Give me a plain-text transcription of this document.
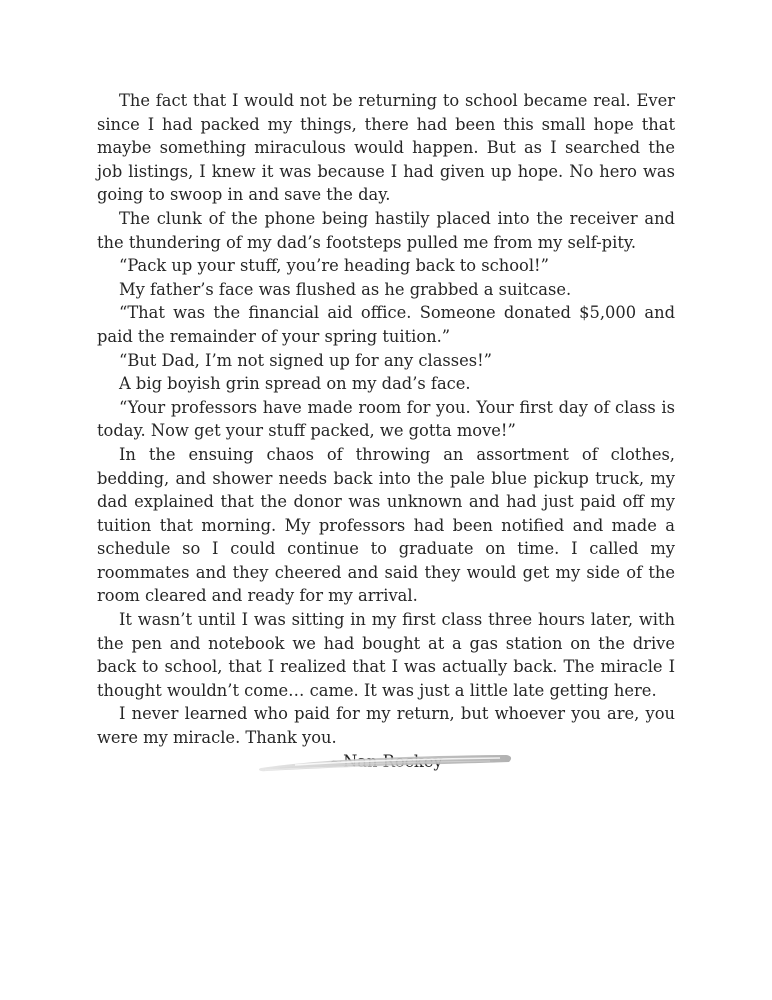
The fact that I would not be returning to school became real. Ever since I had packed my things, there had been this small hope that maybe something miraculous would happen. But as I searched the job listings, I knew it was because I had given up hope. No hero was going to swoop in and save the day.

The clunk of the phone being hastily placed into the receiver and the thundering of my dad’s footsteps pulled me from my self-pity.

“Pack up your stuff, you’re heading back to school!”

My father’s face was flushed as he grabbed a suitcase.

“That was the financial aid office. Someone donated $5,000 and paid the remainder of your spring tuition.”

“But Dad, I’m not signed up for any classes!”

A big boyish grin spread on my dad’s face.

“Your professors have made room for you. Your first day of class is today. Now get your stuff packed, we gotta move!”

In the ensuing chaos of throwing an assortment of clothes, bedding, and shower needs back into the pale blue pickup truck, my dad explained that the donor was unknown and had just paid off my tuition that morning. My professors had been notified and made a schedule so I could continue to graduate on time. I called my roommates and they cheered and said they would get my side of the room cleared and ready for my arrival.

It wasn’t until I was sitting in my first class three hours later, with the pen and notebook we had bought at a gas station on the drive back to school, that I realized that I was actually back. The miracle I thought wouldn’t come… came. It was just a little late getting here.

I never learned who paid for my return, but whoever you are, you were my miracle. Thank you.
